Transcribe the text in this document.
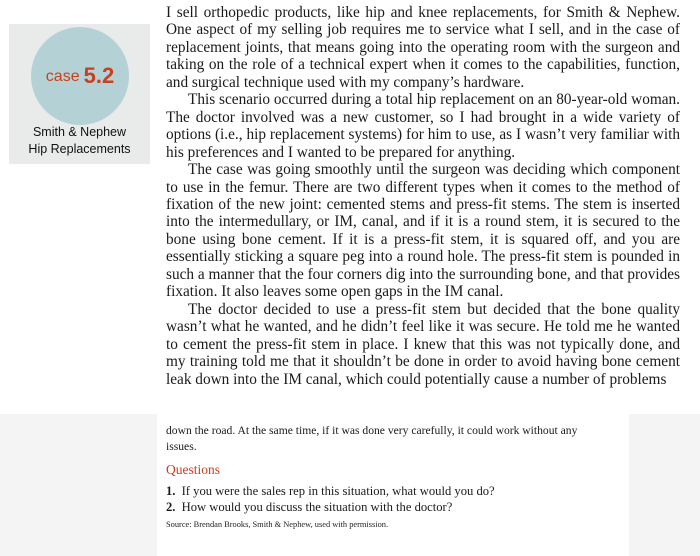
case 5.2
Smith & Nephew
Hip Replacements

I sell orthopedic products, like hip and knee replacements, for Smith & Nephew. One aspect of my selling job requires me to service what I sell, and in the case of replacement joints, that means going into the operating room with the surgeon and taking on the role of a technical expert when it comes to the capabilities, function, and surgical technique used with my company’s hardware.

This scenario occurred during a total hip replacement on an 80-year-old woman. The doctor involved was a new customer, so I had brought in a wide variety of options (i.e., hip replacement systems) for him to use, as I wasn’t very familiar with his preferences and I wanted to be prepared for anything.

The case was going smoothly until the surgeon was deciding which component to use in the femur. There are two different types when it comes to the method of fixation of the new joint: cemented stems and press-fit stems. The stem is inserted into the intermedullary, or IM, canal, and if it is a round stem, it is secured to the bone using bone cement. If it is a press-fit stem, it is squared off, and you are essentially sticking a square peg into a round hole. The press-fit stem is pounded in such a manner that the four corners dig into the surrounding bone, and that provides fixation. It also leaves some open gaps in the IM canal.

The doctor decided to use a press-fit stem but decided that the bone quality wasn’t what he wanted, and he didn’t feel like it was secure. He told me he wanted to cement the press-fit stem in place. I knew that this was not typically done, and my training told me that it shouldn’t be done in order to avoid having bone cement leak down into the IM canal, which could potentially cause a number of problems

down the road. At the same time, if it was done very carefully, it could work without any issues.

Questions
1. If you were the sales rep in this situation, what would you do?
2. How would you discuss the situation with the doctor?
Source: Brendan Brooks, Smith & Nephew, used with permission.
